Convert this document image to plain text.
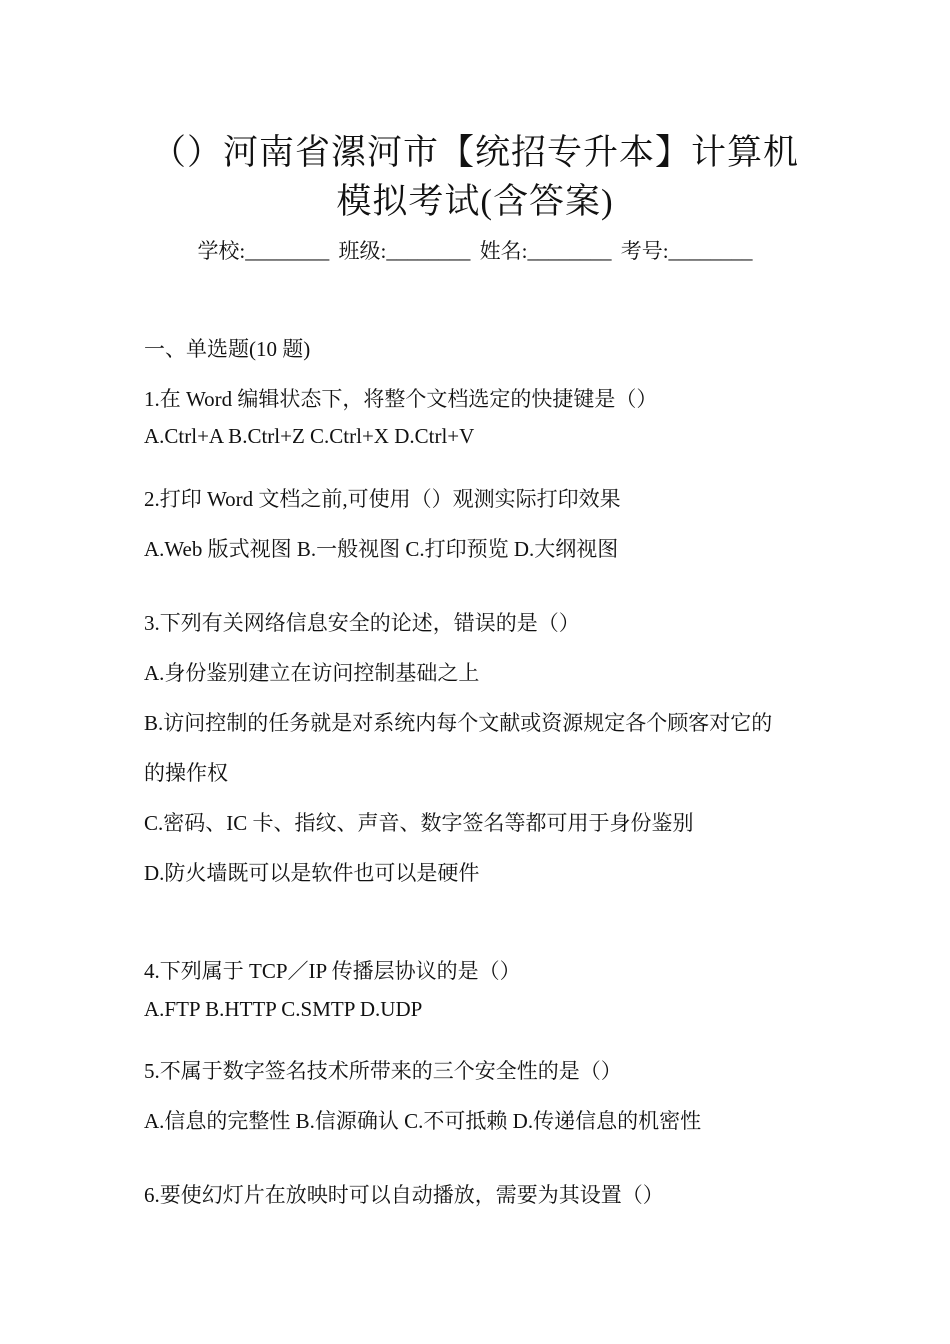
（）河南省漯河市【统招专升本】计算机
模拟考试(含答案)
学校:________ 班级:________ 姓名:________ 考号:________
一、单选题(10 题)
1.在 Word 编辑状态下，将整个文档选定的快捷键是（）
A.Ctrl+A B.Ctrl+Z C.Ctrl+X D.Ctrl+V
2.打印 Word 文档之前,可使用（）观测实际打印效果
A.Web 版式视图 B.一般视图 C.打印预览 D.大纲视图
3.下列有关网络信息安全的论述，错误的是（）
A.身份鉴别建立在访问控制基础之上
B.访问控制的任务就是对系统内每个文献或资源规定各个顾客对它的
的操作权
C.密码、IC 卡、指纹、声音、数字签名等都可用于身份鉴别
D.防火墙既可以是软件也可以是硬件
4.下列属于 TCP／IP 传播层协议的是（）
A.FTP B.HTTP C.SMTP D.UDP
5.不属于数字签名技术所带来的三个安全性的是（）
A.信息的完整性 B.信源确认 C.不可抵赖 D.传递信息的机密性
6.要使幻灯片在放映时可以自动播放，需要为其设置（）
